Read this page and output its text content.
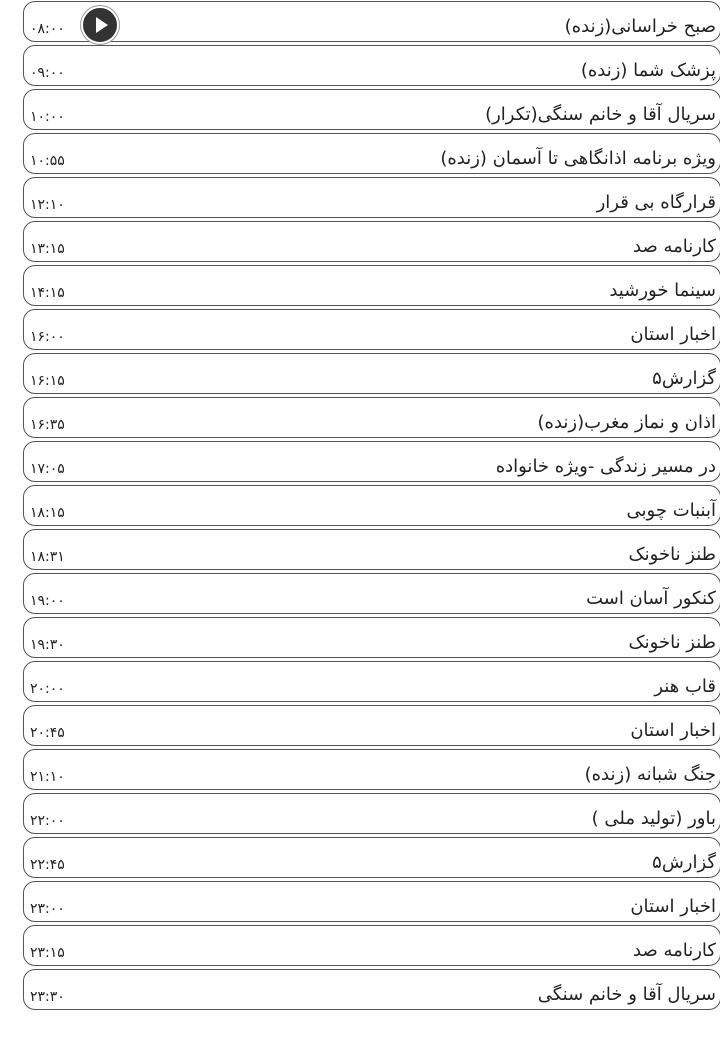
۰۸:۰۰	صبح خراسانی(زنده)
۰۹:۰۰	پزشک شما (زنده)
۱۰:۰۰	سریال آقا و خانم سنگی(تکرار)
۱۰:۵۵	ویژه برنامه اذانگاهی تا آسمان (زنده)
۱۲:۱۰	قرارگاه بی قرار
۱۳:۱۵	کارنامه صد
۱۴:۱۵	سینما خورشید
۱۶:۰۰	اخبار استان
۱۶:۱۵	گزارش۵
۱۶:۳۵	اذان و نماز مغرب(زنده)
۱۷:۰۵	در مسیر زندگی -ویژه خانواده
۱۸:۱۵	آبنبات چوبی
۱۸:۳۱	طنز ناخونک
۱۹:۰۰	کنکور آسان است
۱۹:۳۰	طنز ناخونک
۲۰:۰۰	قاب هنر
۲۰:۴۵	اخبار استان
۲۱:۱۰	جنگ شبانه (زنده)
۲۲:۰۰	باور (تولید ملی )
۲۲:۴۵	گزارش۵
۲۳:۰۰	اخبار استان
۲۳:۱۵	کارنامه صد
۲۳:۳۰	سریال آقا و خانم سنگی
